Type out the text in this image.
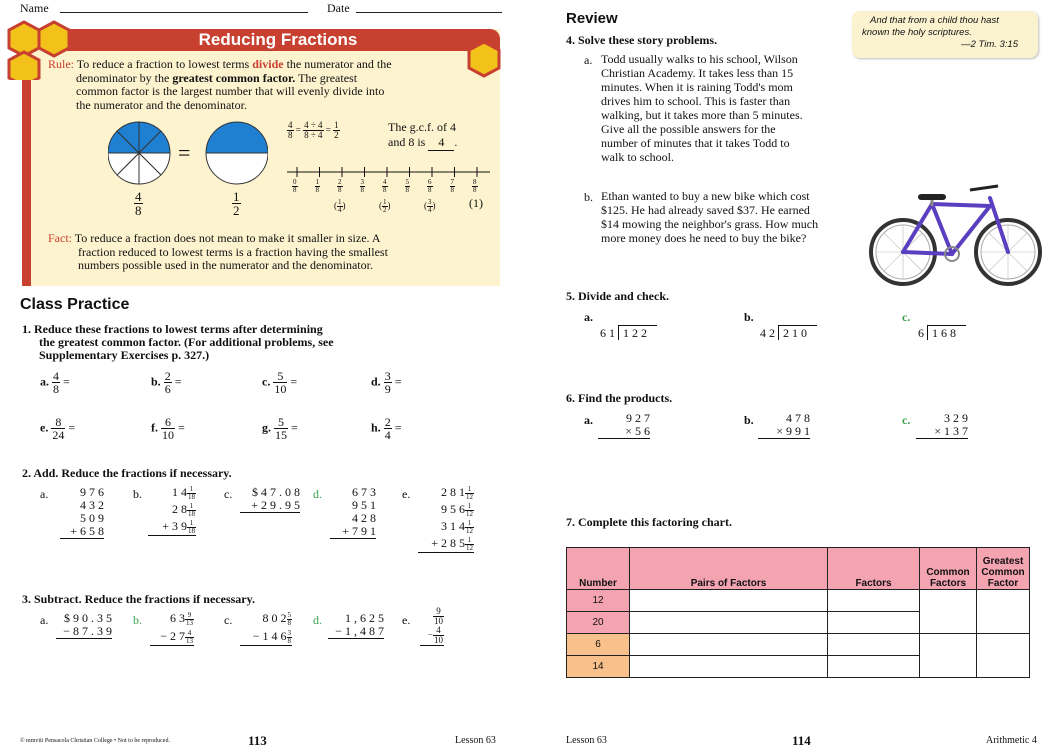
Name	Date
Reducing Fractions
Rule: To reduce a fraction to lowest terms divide the numerator and the
denominator by the greatest common factor. The greatest
common factor is the largest number that will evenly divide into
the numerator and the denominator.
=
$\frac{4}{8}$	$\frac{1}{2}$
$\frac{4}{8} = \frac{4 \div 4}{8 \div 4} = \frac{1}{2}$	The g.c.f. of 4
and 8 is 4 .
$\frac{0}{8} \frac{1}{8} \frac{2}{8}$
( $\frac{1}{4}$ )
$\frac{3}{8} \frac{4}{8}$
( $\frac{1}{2}$ )
$\frac{5}{8} \frac{6}{8}$
( $\frac{3}{4}$ )
$\frac{7}{8} \frac{8}{8}$
(1)
Fact: To reduce a fraction does not mean to make it smaller in size. A
fraction reduced to lowest terms is a fraction having the smallest
numbers possible used in the numerator and the denominator.
Class Practice
1. Reduce these fractions to lowest terms after determining
the greatest common factor. (For additional problems, see
Supplementary Exercises p. 327.)
a. $\frac{4}{8}$ =	b. $\frac{2}{6}$ =	c. $\frac{5}{10}$ =	d. $\frac{3}{9}$ =
e. $\frac{8}{24}$ =	f. $\frac{6}{10}$ =	g. $\frac{5}{15}$ =	h. $\frac{2}{4}$ =
2. Add. Reduce the fractions if necessary.
a.	9 7 6
4 3 2
5 0 9
+ 6 5 8
b.	1 $4 \frac{1}{18}$
2 $8 \frac{1}{18}$
+ 3 $9 \frac{1}{18}$
c.	$ 4 7 . 0 8
+ 2 9 . 9 5
d.	6 7 3
9 5 1
4 2 8
+ 7 9 1
e.	2 8 $1 \frac{1}{12}$
9 5 $6 \frac{1}{12}$
3 1 $4 \frac{1}{12}$
+ 2 8 $5 \frac{1}{12}$
3. Subtract. Reduce the fractions if necessary.
a.	$ 9 0 . 3 5
− 8 7 . 3 9
b.	6 $3 \frac{9}{13}$
− 2 $7 \frac{4}{13}$
c.	8 0 $2 \frac{5}{8}$
− 1 4 $6 \frac{3}{8}$
d.	1 , 6 2 5
− 1 , 4 8 7
e.	$\frac{9}{10}$
− $\frac{4}{10}$
© mmviii Pensacola Christian College • Not to be reproduced.	113	Lesson 63	Lesson 63	114	Arithmetic 4
Review	And that from a child thou hast
known the holy scriptures.
—2 Tim. 3:15
4. Solve these story problems.
a. Todd usually walks to his school, Wilson
Christian Academy. It takes less than 15
minutes. When it is raining Todd's mom
drives him to school. This is faster than
walking, but it takes more than 5 minutes.
Give all the possible answers for the
number of minutes that it takes Todd to
walk to school.
b. Ethan wanted to buy a new bike which cost
$125. He had already saved $37. He earned
$14 mowing the neighbor's grass. How much
more money does he need to buy the bike?
5. Divide and check.
a.
6 1 1 2 2
b.
4 2 2 1 0
c.
6 1 6 8
6. Find the products.
a.	9 2 7
× 5 6
b.	4 7 8
× 9 9 1
c.	3 2 9
× 1 3 7
7. Complete this factoring chart.
Number	Pairs of Factors	Factors	Common Factors	Greatest Common Factor
12				
20				
6				
14				
